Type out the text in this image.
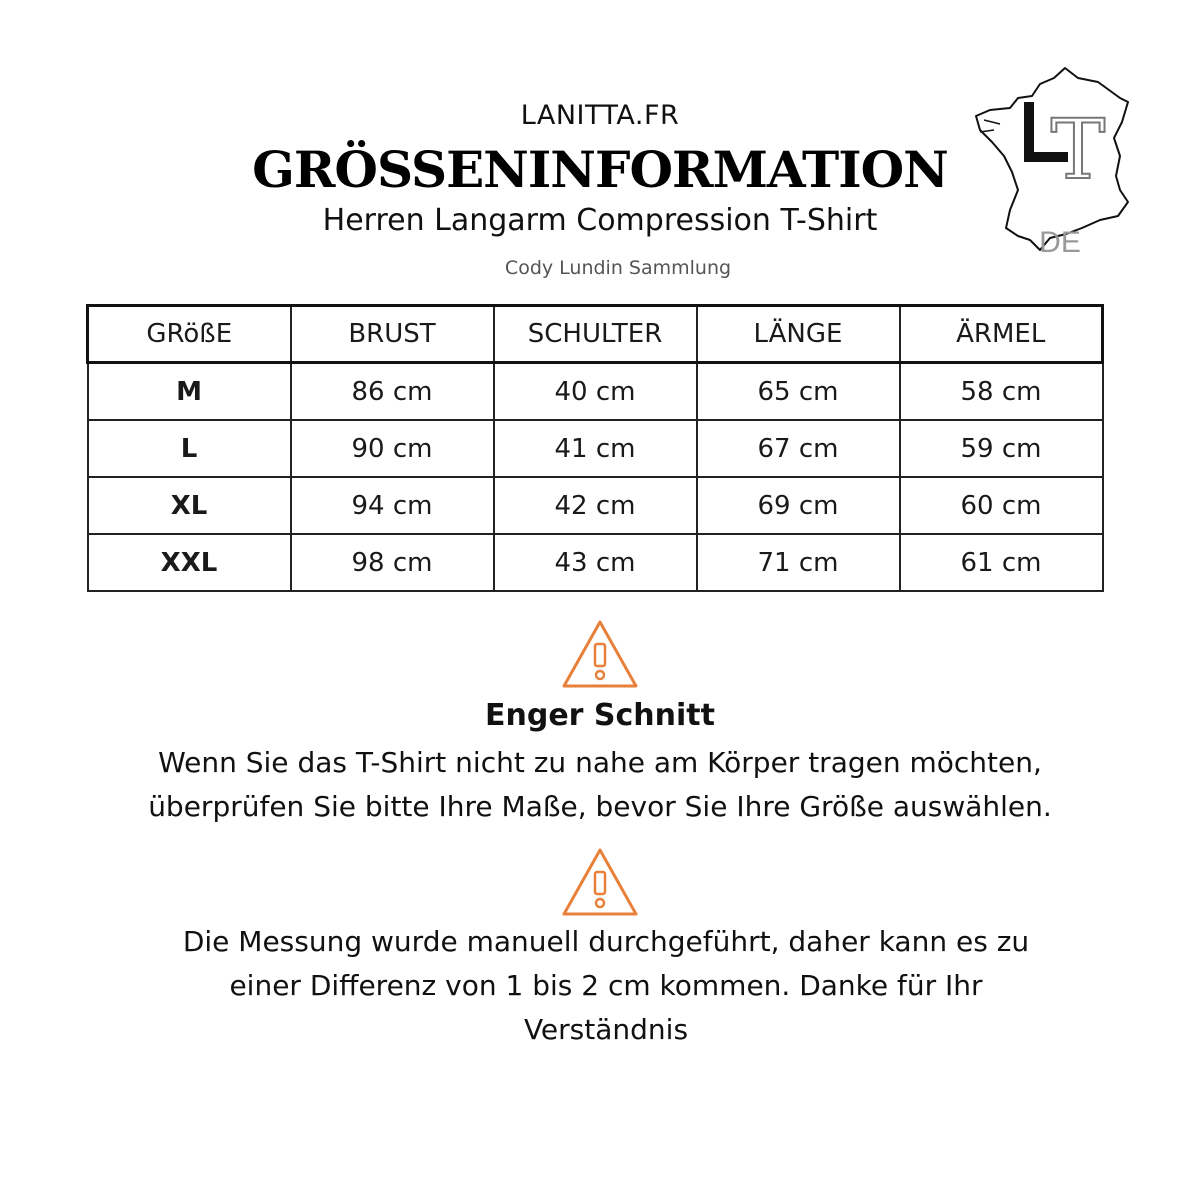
LANITTA.FR
GRÖSSENINFORMATION
Herren Langarm Compression T-Shirt
Cody Lundin Sammlung
T
DE
GRößE	BRUST	SCHULTER	LÄNGE	ÄRMEL
M	86 cm	40 cm	65 cm	58 cm
L	90 cm	41 cm	67 cm	59 cm
XL	94 cm	42 cm	69 cm	60 cm
XXL	98 cm	43 cm	71 cm	61 cm
Enger Schnitt
Wenn Sie das T-Shirt nicht zu nahe am Körper tragen möchten,
überprüfen Sie bitte Ihre Maße, bevor Sie Ihre Größe auswählen.
Die Messung wurde manuell durchgeführt, daher kann es zu
einer Differenz von 1 bis 2 cm kommen. Danke für Ihr
Verständnis
